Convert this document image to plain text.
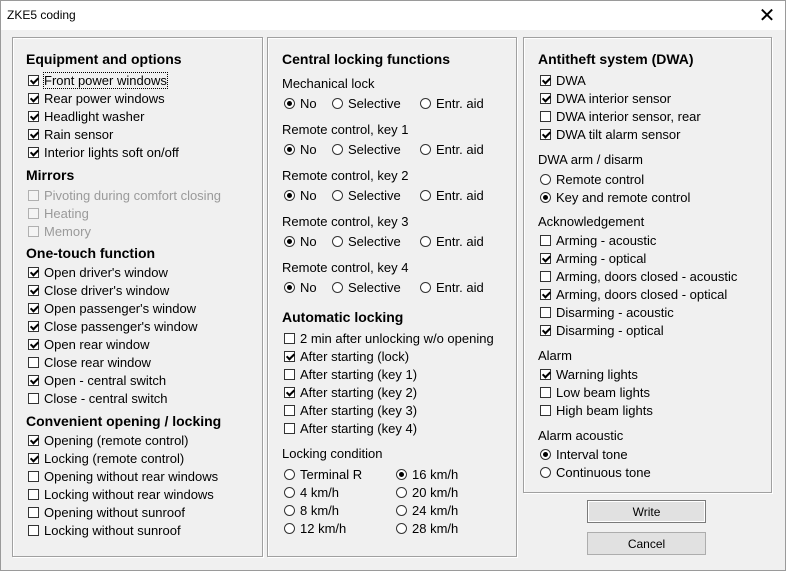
ZKE5 coding	✕
Equipment and options
Front power windows
Rear power windows
Headlight washer
Rain sensor
Interior lights soft on/off
Mirrors
Pivoting during comfort closing
Heating
Memory
One-touch function
Open driver's window
Close driver's window
Open passenger's window
Close passenger's window
Open rear window
Close rear window
Open - central switch
Close - central switch
Convenient opening / locking
Opening (remote control)
Locking (remote control)
Opening without rear windows
Locking without rear windows
Opening without sunroof
Locking without sunroof
Central locking functions
Mechanical lock
No Selective	Entr. aid
Remote control, key 1
No Selective	Entr. aid
Remote control, key 2
No Selective	Entr. aid
Remote control, key 3
No Selective	Entr. aid
Remote control, key 4
No Selective	Entr. aid
Automatic locking
2 min after unlocking w/o opening
After starting (lock)
After starting (key 1)
After starting (key 2)
After starting (key 3)
After starting (key 4)
Locking condition
Terminal R
4 km/h
8 km/h
12 km/h
16 km/h
20 km/h
24 km/h
28 km/h
Antitheft system (DWA)
DWA
DWA interior sensor
DWA interior sensor, rear
DWA tilt alarm sensor
DWA arm / disarm
Remote control
Key and remote control
Acknowledgement
Arming - acoustic
Arming - optical
Arming, doors closed - acoustic
Arming, doors closed - optical
Disarming - acoustic
Disarming - optical
Alarm
Warning lights
Low beam lights
High beam lights
Alarm acoustic
Interval tone
Continuous tone
Write
Cancel
